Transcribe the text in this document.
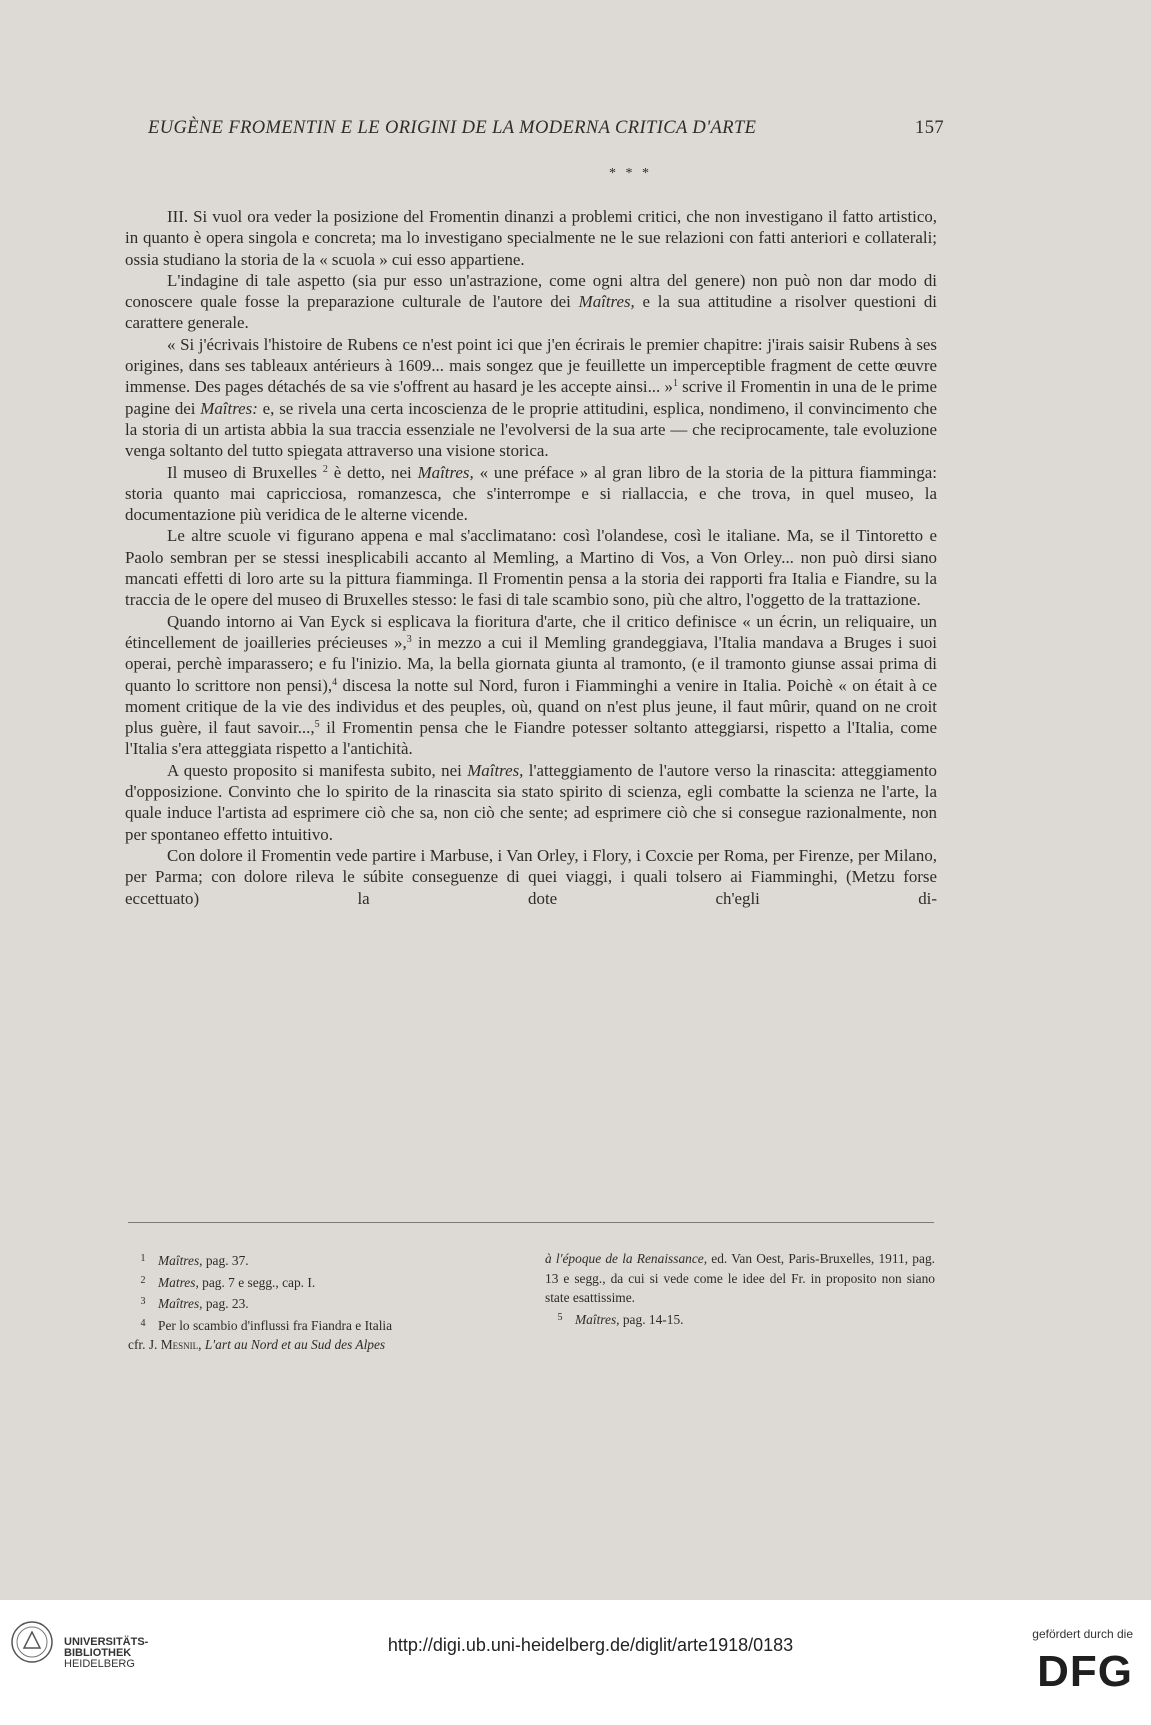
EUGÈNE FROMENTIN E LE ORIGINI DE LA MODERNA CRITICA D'ARTE	157
* * *

III. Si vuol ora veder la posizione del Fromentin dinanzi a problemi critici, che non investigano il fatto artistico, in quanto è opera singola e concreta; ma lo investigano specialmente ne le sue relazioni con fatti anteriori e collaterali; ossia studiano la storia de la « scuola » cui esso appartiene.

L'indagine di tale aspetto (sia pur esso un'astrazione, come ogni altra del genere) non può non dar modo di conoscere quale fosse la preparazione culturale de l'autore dei Maîtres, e la sua attitudine a risolver questioni di carattere generale.

« Si j'écrivais l'histoire de Rubens ce n'est point ici que j'en écrirais le premier chapitre: j'irais saisir Rubens à ses origines, dans ses tableaux antérieurs à 1609... mais songez que je feuillette un imperceptible fragment de cette œuvre immense. Des pages détachés de sa vie s'offrent au hasard je les accepte ainsi... »$^1$ scrive il Fromentin in una de le prime pagine dei Maîtres: e, se rivela una certa incoscienza de le proprie attitudini, esplica, nondimeno, il convincimento che la storia di un artista abbia la sua traccia essenziale ne l'evolversi de la sua arte — che reciprocamente, tale evoluzione venga soltanto del tutto spiegata attraverso una visione storica.

Il museo di Bruxelles $^2$ è detto, nei Maîtres, « une préface » al gran libro de la storia de la pittura fiamminga: storia quanto mai capricciosa, romanzesca, che s'interrompe e si riallaccia, e che trova, in quel museo, la documentazione più veridica de le alterne vicende.

Le altre scuole vi figurano appena e mal s'acclimatano: così l'olandese, così le italiane. Ma, se il Tintoretto e Paolo sembran per se stessi inesplicabili accanto al Memling, a Martino di Vos, a Von Orley... non può dirsi siano mancati effetti di loro arte su la pittura fiamminga. Il Fromentin pensa a la storia dei rapporti fra Italia e Fiandre, su la traccia de le opere del museo di Bruxelles stesso: le fasi di tale scambio sono, più che altro, l'oggetto de la trattazione.

Quando intorno ai Van Eyck si esplicava la fioritura d'arte, che il critico definisce « un écrin, un reliquaire, un étincellement de joailleries précieuses »,$^3$ in mezzo a cui il Memling grandeggiava, l'Italia mandava a Bruges i suoi operai, perchè imparassero; e fu l'inizio. Ma, la bella giornata giunta al tramonto, (e il tramonto giunse assai prima di quanto lo scrittore non pensi),$^4$ discesa la notte sul Nord, furon i Fiamminghi a venire in Italia. Poichè « on était à ce moment critique de la vie des individus et des peuples, où, quand on n'est plus jeune, il faut mûrir, quand on ne croit plus guère, il faut savoir...,$^5$ il Fromentin pensa che le Fiandre potesser soltanto atteggiarsi, rispetto a l'Italia, come l'Italia s'era atteggiata rispetto a l'antichità.

A questo proposito si manifesta subito, nei Maîtres, l'atteggiamento de l'autore verso la rinascita: atteggiamento d'opposizione. Convinto che lo spirito de la rinascita sia stato spirito di scienza, egli combatte la scienza ne l'arte, la quale induce l'artista ad esprimere ciò che sa, non ciò che sente; ad esprimere ciò che si consegue razionalmente, non per spontaneo effetto intuitivo.

Con dolore il Fromentin vede partire i Marbuse, i Van Orley, i Flory, i Coxcie per Roma, per Firenze, per Milano, per Parma; con dolore rileva le súbite conseguenze di quei viaggi, i quali tolsero ai Fiamminghi, (Metzu forse eccettuato) la dote ch'egli di-

1 Maîtres, pag. 37.

2 Matres, pag. 7 e segg., cap. I.

3 Maîtres, pag. 23.

4 Per lo scambio d'influssi fra Fiandra e Italia

cfr. J. Mesnil, L'art au Nord et au Sud des Alpes

à l'époque de la Renaissance, ed. Van Oest, Paris-Bruxelles, 1911, pag. 13 e segg., da cui si vede come le idee del Fr. in proposito non siano state esattissime.

5 Maîtres, pag. 14-15.

UNIVERSITÄTS-
BIBLIOTHEK
HEIDELBERG
http://digi.ub.uni-heidelberg.de/diglit/arte1918/0183
gefördert durch die
DFG
